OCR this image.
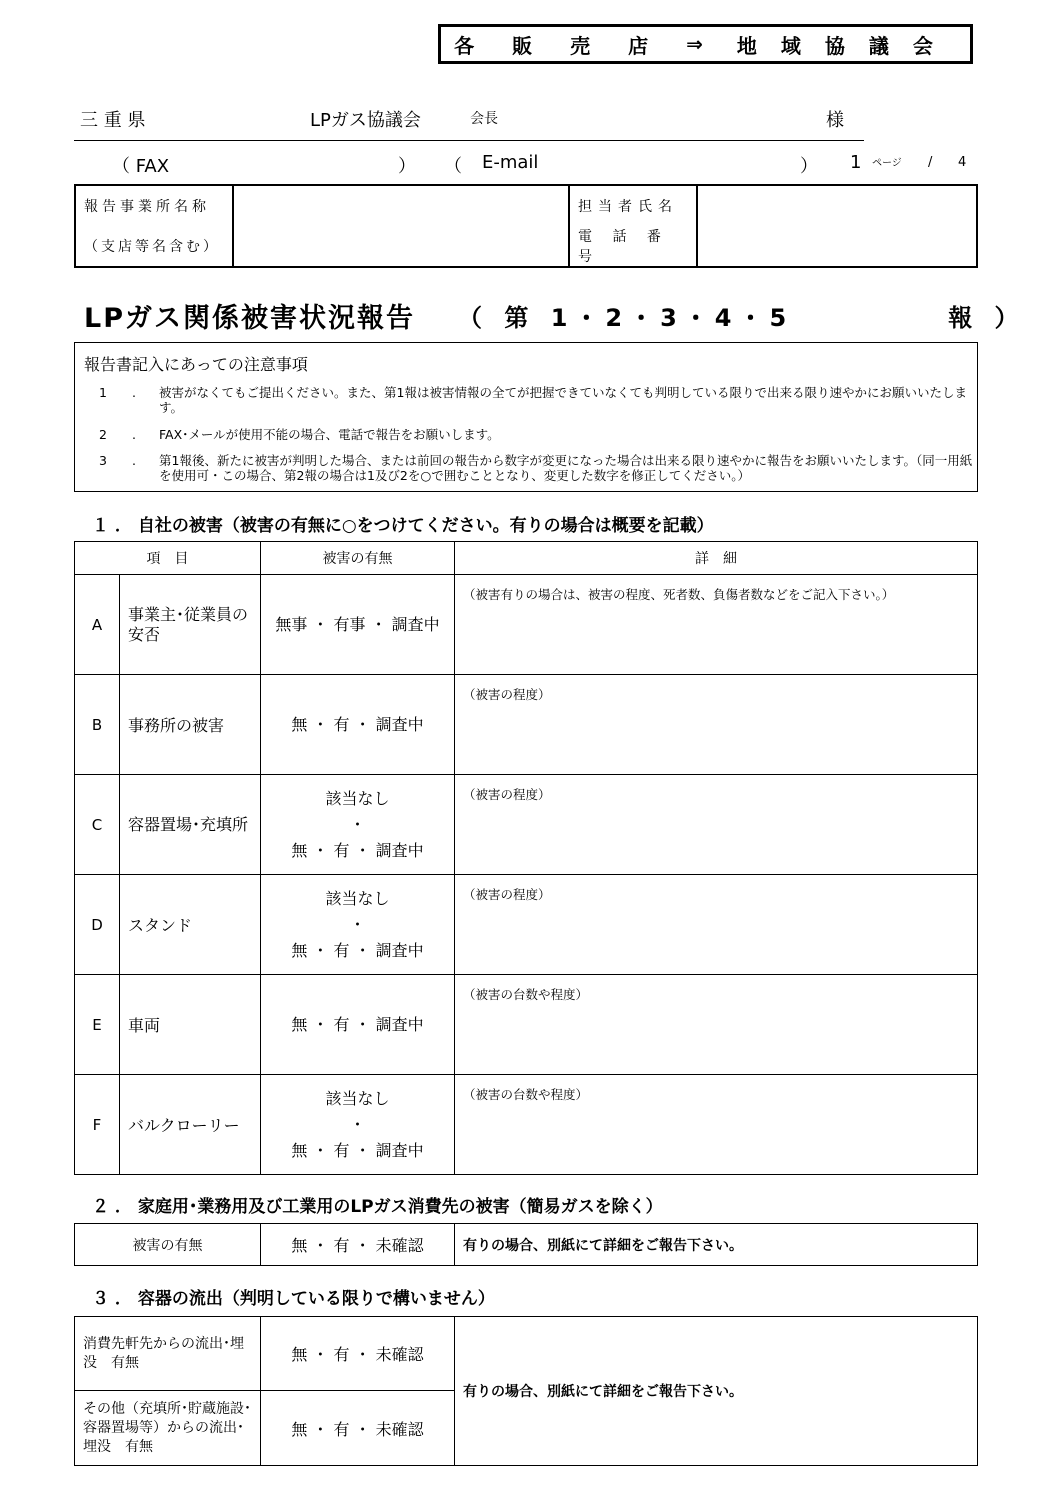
各販売店 ⇒ 地域協議会
三 重 県	LPガス協議会	会長	様
（ FAX	） （ E-mail	） 1 ページ / 4
報告事業所名称		担当者氏名	
（支店等名含む）		電 話 番 号	
LPガス関係被害状況報告 （ 第 1・2・3・4・5　　　　　報 ）
報告書記入にあっての注意事項
1　　.	被害がなくてもご提出ください。また、第1報は被害情報の全てが把握できていなくても判明している限りで出来る限り速やかにお願いいたします。
2　　.	FAX･メールが使用不能の場合、電話で報告をお願いします。
3　　.	第1報後、新たに被害が判明した場合、または前回の報告から数字が変更になった場合は出来る限り速やかに報告をお願いいたします。（同一用紙を使用可・この場合、第2報の場合は1及び2を○で囲むこととなり、変更した数字を修正してください。）
１ ． 自社の被害（被害の有無に○をつけてください。有りの場合は概要を記載）
項　目		被害の有無	詳　細
A	事業主･従業員の安否	無事 ・ 有事 ・ 調査中	（被害有りの場合は、被害の程度、死者数、負傷者数などをご記入下さい。）
B	事務所の被害	無 ・ 有 ・ 調査中	（被害の程度）
C	容器置場･充填所	該当なし
・
無 ・ 有 ・ 調査中	（被害の程度）
D	スタンド	該当なし
・
無 ・ 有 ・ 調査中	（被害の程度）
E	車両	無 ・ 有 ・ 調査中	（被害の台数や程度）
F	バルクローリー	該当なし
・
無 ・ 有 ・ 調査中	（被害の台数や程度）
２ ． 家庭用･業務用及び工業用のLPガス消費先の被害（簡易ガスを除く）
被害の有無	無 ・ 有 ・ 未確認	有りの場合、別紙にて詳細をご報告下さい。
３ ． 容器の流出（判明している限りで構いません）
消費先軒先からの流出･埋没　有無	無 ・ 有 ・ 未確認	有りの場合、別紙にて詳細をご報告下さい。
その他（充填所･貯蔵施設･容器置場等）からの流出･埋没　有無	無 ・ 有 ・ 未確認	
